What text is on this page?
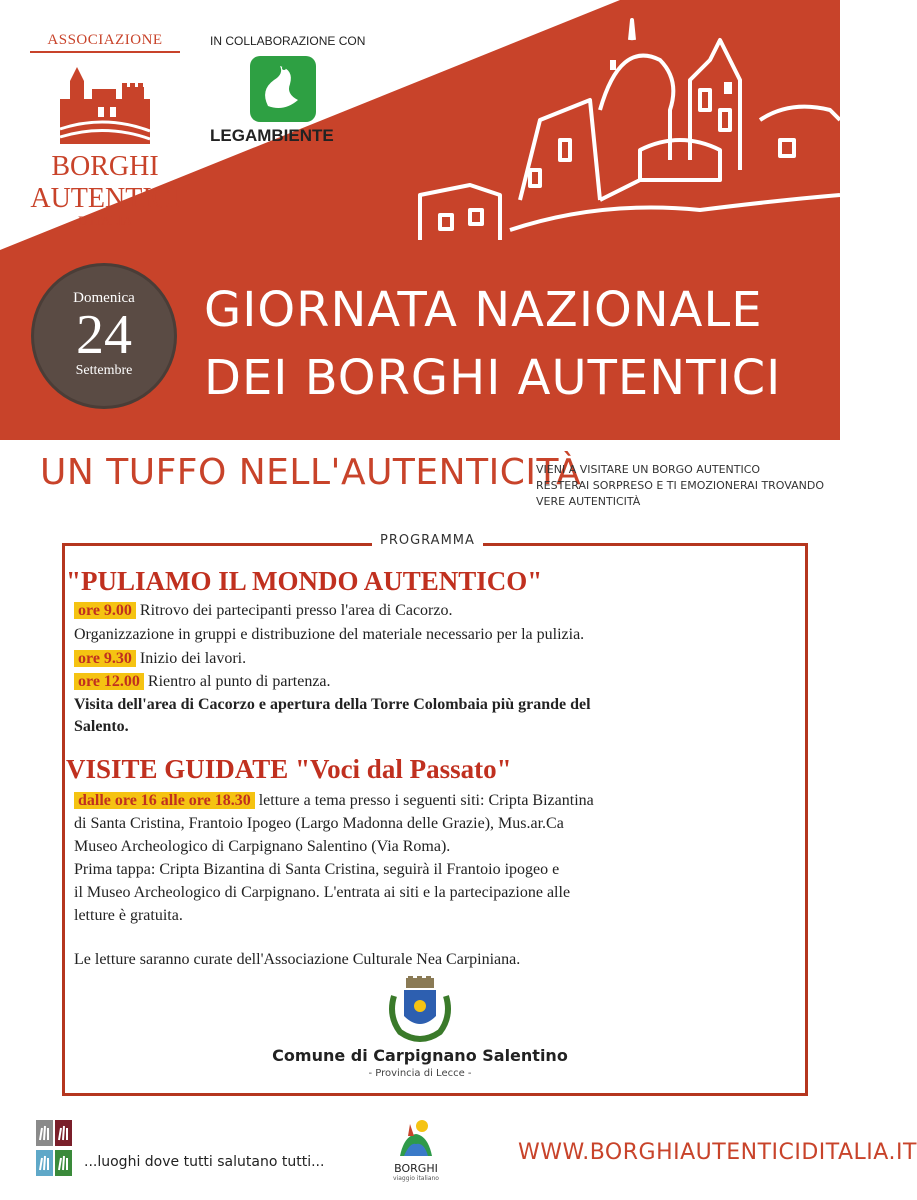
ASSOCIAZIONE
BORGHI
AUTENTICI
D'ITALIA
IN COLLABORAZIONE CON
LEGAMBIENTE
Domenica
24
Settembre
GIORNATA NAZIONALE
DEI BORGHI AUTENTICI
UN TUFFO NELL'AUTENTICITÀ
VIENI A VISITARE UN BORGO AUTENTICO
RESTERAI SORPRESO E TI EMOZIONERAI TROVANDO
VERE AUTENTICITÀ
PROGRAMMA
"PULIAMO IL MONDO AUTENTICO"
ore 9.00 Ritrovo dei partecipanti presso l'area di Cacorzo.
Organizzazione in gruppi e distribuzione del materiale necessario per la pulizia.
ore 9.30 Inizio dei lavori.
ore 12.00 Rientro al punto di partenza.
Visita dell'area di Cacorzo e apertura della Torre Colombaia più grande del
Salento.
VISITE GUIDATE "Voci dal Passato"
dalle ore 16 alle ore 18.30 letture a tema presso i seguenti siti: Cripta Bizantina
di Santa Cristina, Frantoio Ipogeo (Largo Madonna delle Grazie), Mus.ar.Ca
Museo Archeologico di Carpignano Salentino (Via Roma).
Prima tappa: Cripta Bizantina di Santa Cristina, seguirà il Frantoio ipogeo e
il Museo Archeologico di Carpignano. L'entrata ai siti e la partecipazione alle
letture è gratuita.
Le letture saranno curate dell'Associazione Culturale Nea Carpiniana.
Comune di Carpignano Salentino
- Provincia di Lecce -
...luoghi dove tutti salutano tutti...	BORGHI
viaggio italiano
WWW.BORGHIAUTENTICIDITALIA.IT
